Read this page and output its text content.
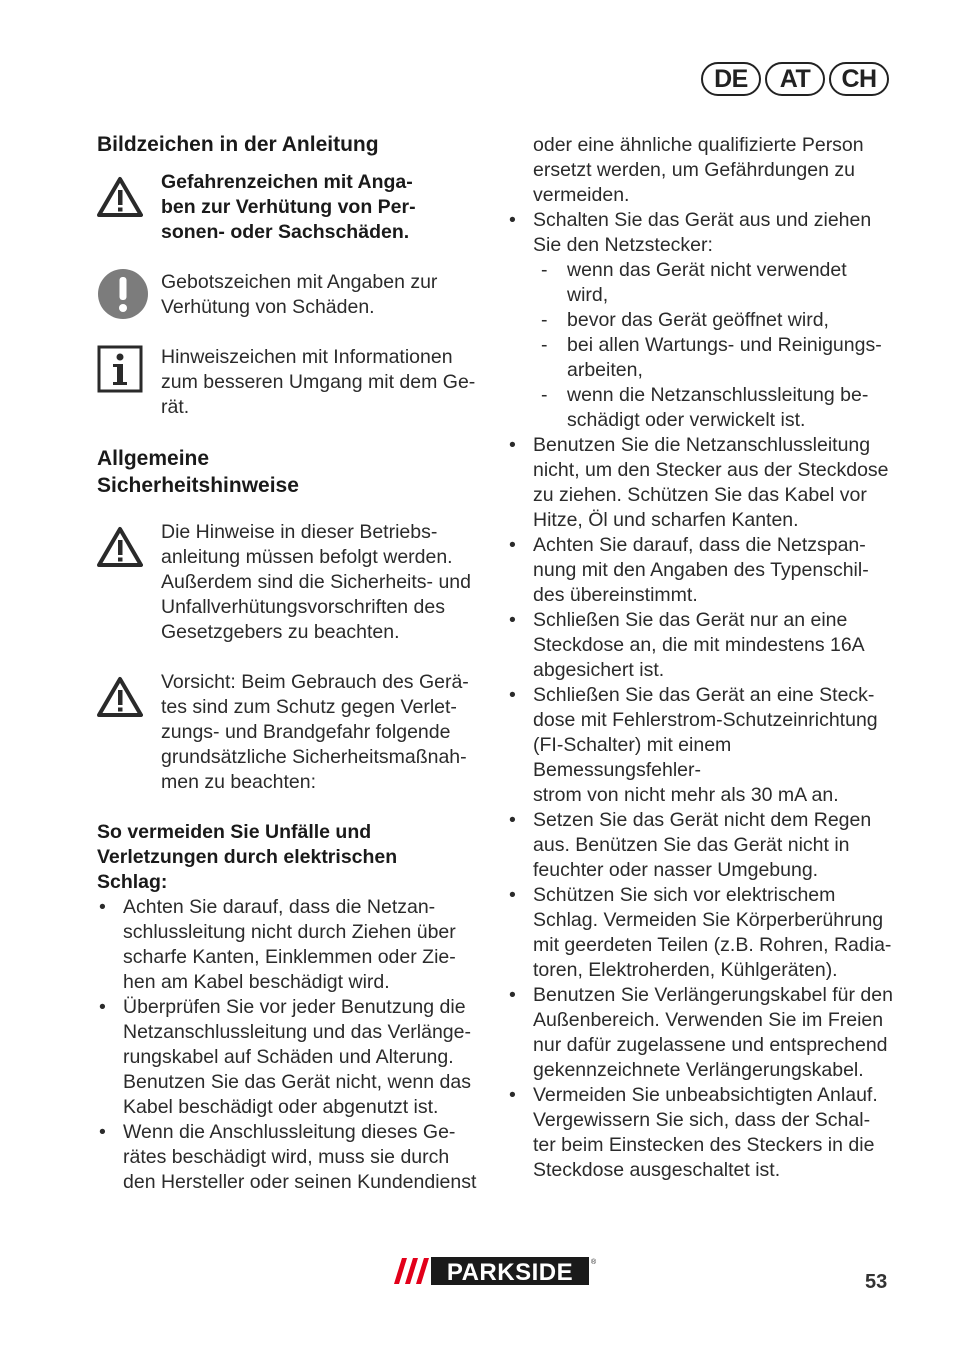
DE	AT	CH
Bildzeichen in der Anleitung
Gefahrenzeichen mit Anga-
ben zur Verhütung von Per-
sonen- oder Sachschäden.
Gebotszeichen mit Angaben zur
Verhütung von Schäden.
Hinweiszeichen mit Informationen
zum besseren Umgang mit dem Ge-
rät.
Allgemeine
Sicherheitshinweise
Die Hinweise in dieser Betriebs-
anleitung müssen befolgt werden.
Außerdem sind die Sicherheits- und
Unfallverhütungsvorschriften des
Gesetzgebers zu beachten.
Vorsicht: Beim Gebrauch des Gerä-
tes sind zum Schutz gegen Verlet-
zungs- und Brandgefahr folgende
grundsätzliche Sicherheitsmaßnah-
men zu beachten:
So vermeiden Sie Unfälle und
Verletzungen durch elektrischen
Schlag:
• Achten Sie darauf, dass die Netzan-
schlussleitung nicht durch Ziehen über
scharfe Kanten, Einklemmen oder Zie-
hen am Kabel beschädigt wird.
• Überprüfen Sie vor jeder Benutzung die
Netzanschlussleitung und das Verlänge-
rungskabel auf Schäden und Alterung.
Benutzen Sie das Gerät nicht, wenn das
Kabel beschädigt oder abgenutzt ist.
• Wenn die Anschlussleitung dieses Ge-
rätes beschädigt wird, muss sie durch
den Hersteller oder seinen Kundendienst
oder eine ähnliche qualifizierte Person
ersetzt werden, um Gefährdungen zu
vermeiden.
• Schalten Sie das Gerät aus und ziehen
Sie den Netzstecker:
- wenn das Gerät nicht verwendet
wird,
- bevor das Gerät geöffnet wird,
- bei allen Wartungs- und Reinigungs-
arbeiten,
- wenn die Netzanschlussleitung be-
schädigt oder verwickelt ist.
• Benutzen Sie die Netzanschlussleitung
nicht, um den Stecker aus der Steckdose
zu ziehen. Schützen Sie das Kabel vor
Hitze, Öl und scharfen Kanten.
• Achten Sie darauf, dass die Netzspan-
nung mit den Angaben des Typenschil-
des übereinstimmt.
• Schließen Sie das Gerät nur an eine
Steckdose an, die mit mindestens 16A
abgesichert ist.
• Schließen Sie das Gerät an eine Steck-
dose mit Fehlerstrom-Schutzeinrichtung
(FI-Schalter) mit einem Bemessungsfehler-
strom von nicht mehr als 30 mA an.
• Setzen Sie das Gerät nicht dem Regen
aus. Benützen Sie das Gerät nicht in
feuchter oder nasser Umgebung.
• Schützen Sie sich vor elektrischem
Schlag. Vermeiden Sie Körperberührung
mit geerdeten Teilen (z.B. Rohren, Radia-
toren, Elektroherden, Kühlgeräten).
• Benutzen Sie Verlängerungskabel für den
Außenbereich. Verwenden Sie im Freien
nur dafür zugelassene und entsprechend
gekennzeichnete Verlängerungskabel.
• Vermeiden Sie unbeabsichtigten Anlauf.
Vergewissern Sie sich, dass der Schal-
ter beim Einstecken des Steckers in die
Steckdose ausgeschaltet ist.
PARKSIDE	®
53
